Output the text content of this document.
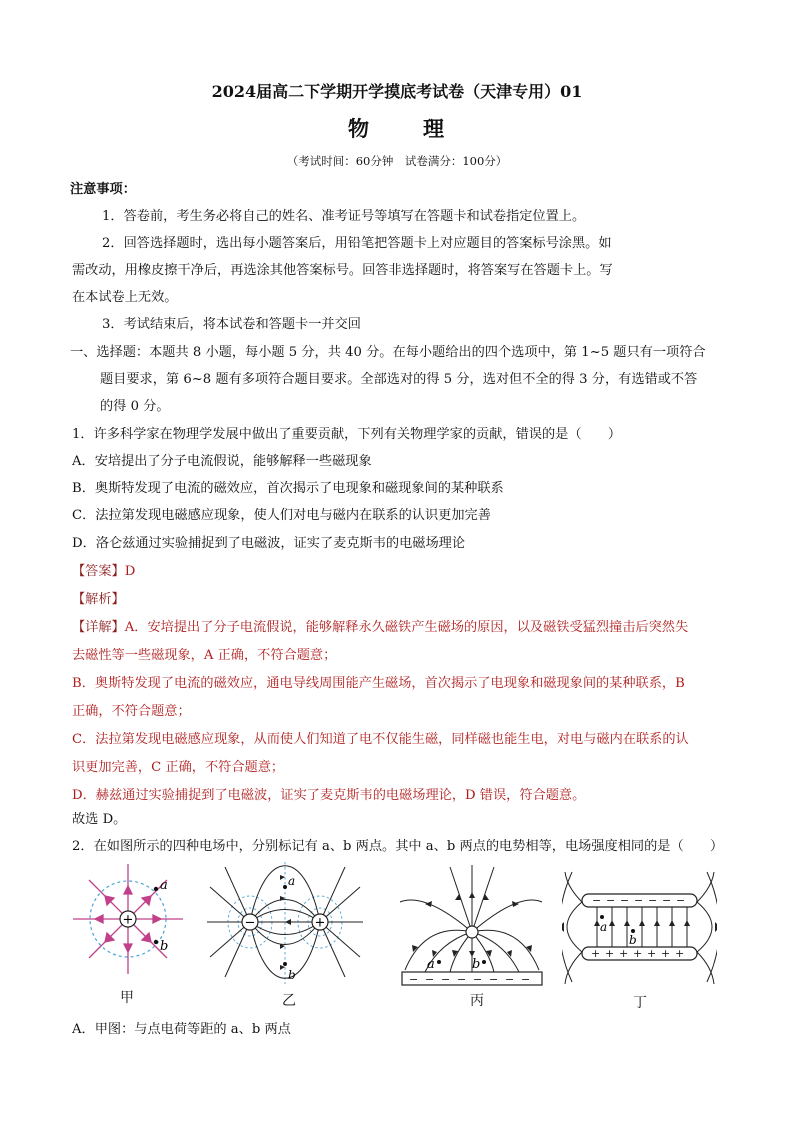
2024届高二下学期开学摸底考试卷（天津专用）01
物 理
（考试时间：60分钟　试卷满分：100分）
注意事项：
1．答卷前，考生务必将自己的姓名、准考证号等填写在答题卡和试卷指定位置上。
2．回答选择题时，选出每小题答案后，用铅笔把答题卡上对应题目的答案标号涂黑。如
需改动，用橡皮擦干净后，再选涂其他答案标号。回答非选择题时，将答案写在答题卡上。写
在本试卷上无效。
3．考试结束后，将本试卷和答题卡一并交回
一、选择题：本题共 8 小题，每小题 5 分，共 40 分。在每小题给出的四个选项中，第 1~5 题只有一项符合
题目要求，第 6~8 题有多项符合题目要求。全部选对的得 5 分，选对但不全的得 3 分，有选错或不答
的得 0 分。
1．许多科学家在物理学发展中做出了重要贡献，下列有关物理学家的贡献，错误的是（　　）
A．安培提出了分子电流假说，能够解释一些磁现象
B．奥斯特发现了电流的磁效应，首次揭示了电现象和磁现象间的某种联系
C．法拉第发现电磁感应现象，使人们对电与磁内在联系的认识更加完善
D．洛仑兹通过实验捕捉到了电磁波，证实了麦克斯韦的电磁场理论
【答案】D
【解析】
【详解】A．安培提出了分子电流假说，能够解释永久磁铁产生磁场的原因，以及磁铁受猛烈撞击后突然失
去磁性等一些磁现象，A 正确，不符合题意；
B．奥斯特发现了电流的磁效应，通电导线周围能产生磁场，首次揭示了电现象和磁现象间的某种联系，B
正确，不符合题意；
C．法拉第发现电磁感应现象，从而使人们知道了电不仅能生磁，同样磁也能生电，对电与磁内在联系的认
识更加完善，C 正确，不符合题意；
D．赫兹通过实验捕捉到了电磁波，证实了麦克斯韦的电磁场理论，D 错误，符合题意。
故选 D。
2．在如图所示的四种电场中，分别标记有 a、b 两点。其中 a、b 两点的电势相等，电场强度相同的是（　　）
+
a
b
甲
−	+
a
b
乙
− − − − − − − −
a	b
丙
− − − − − − −
+ + + + + + +
a
b
丁
A．甲图：与点电荷等距的 a、b 两点
